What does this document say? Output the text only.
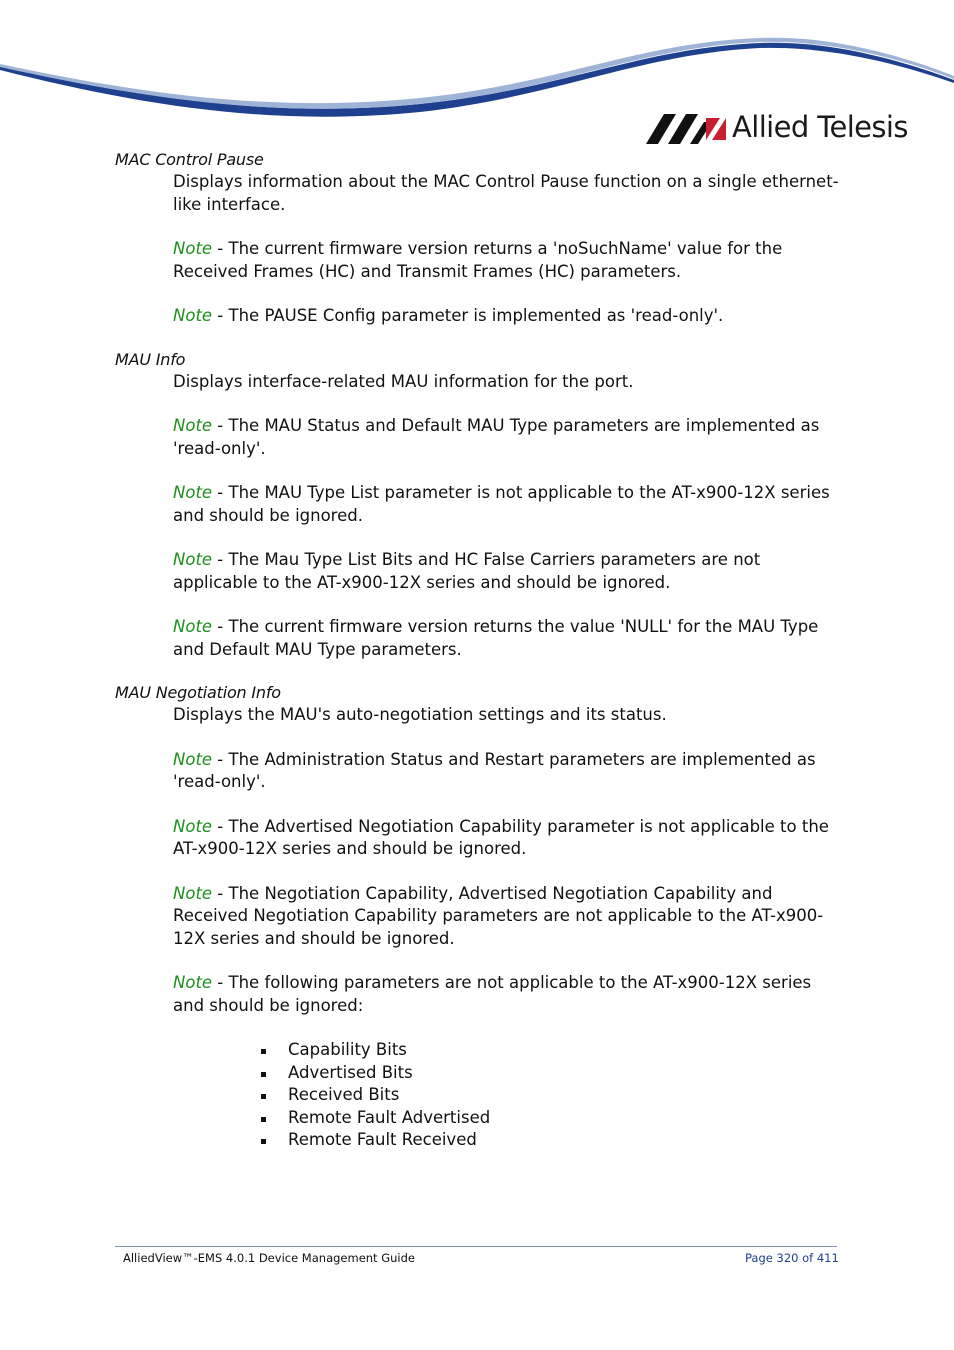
Allied Telesis

MAC Control Pause

Displays information about the MAC Control Pause function on a single ethernet-like interface.

Note - The current firmware version returns a 'noSuchName' value for the Received Frames (HC) and Transmit Frames (HC) parameters.

Note - The PAUSE Config parameter is implemented as 'read-only'.

MAU Info

Displays interface-related MAU information for the port.

Note - The MAU Status and Default MAU Type parameters are implemented as 'read-only'.

Note - The MAU Type List parameter is not applicable to the AT-x900-12X series and should be ignored.

Note - The Mau Type List Bits and HC False Carriers parameters are not applicable to the AT-x900-12X series and should be ignored.

Note - The current firmware version returns the value 'NULL' for the MAU Type and Default MAU Type parameters.

MAU Negotiation Info

Displays the MAU's auto-negotiation settings and its status.

Note - The Administration Status and Restart parameters are implemented as 'read-only'.

Note - The Advertised Negotiation Capability parameter is not applicable to the AT-x900-12X series and should be ignored.

Note - The Negotiation Capability, Advertised Negotiation Capability and Received Negotiation Capability parameters are not applicable to the AT-x900-12X series and should be ignored.

Note - The following parameters are not applicable to the AT-x900-12X series and should be ignored:

Capability Bits
Advertised Bits
Received Bits
Remote Fault Advertised
Remote Fault Received
AlliedView™-EMS 4.0.1 Device Management Guide	Page 320 of 411
